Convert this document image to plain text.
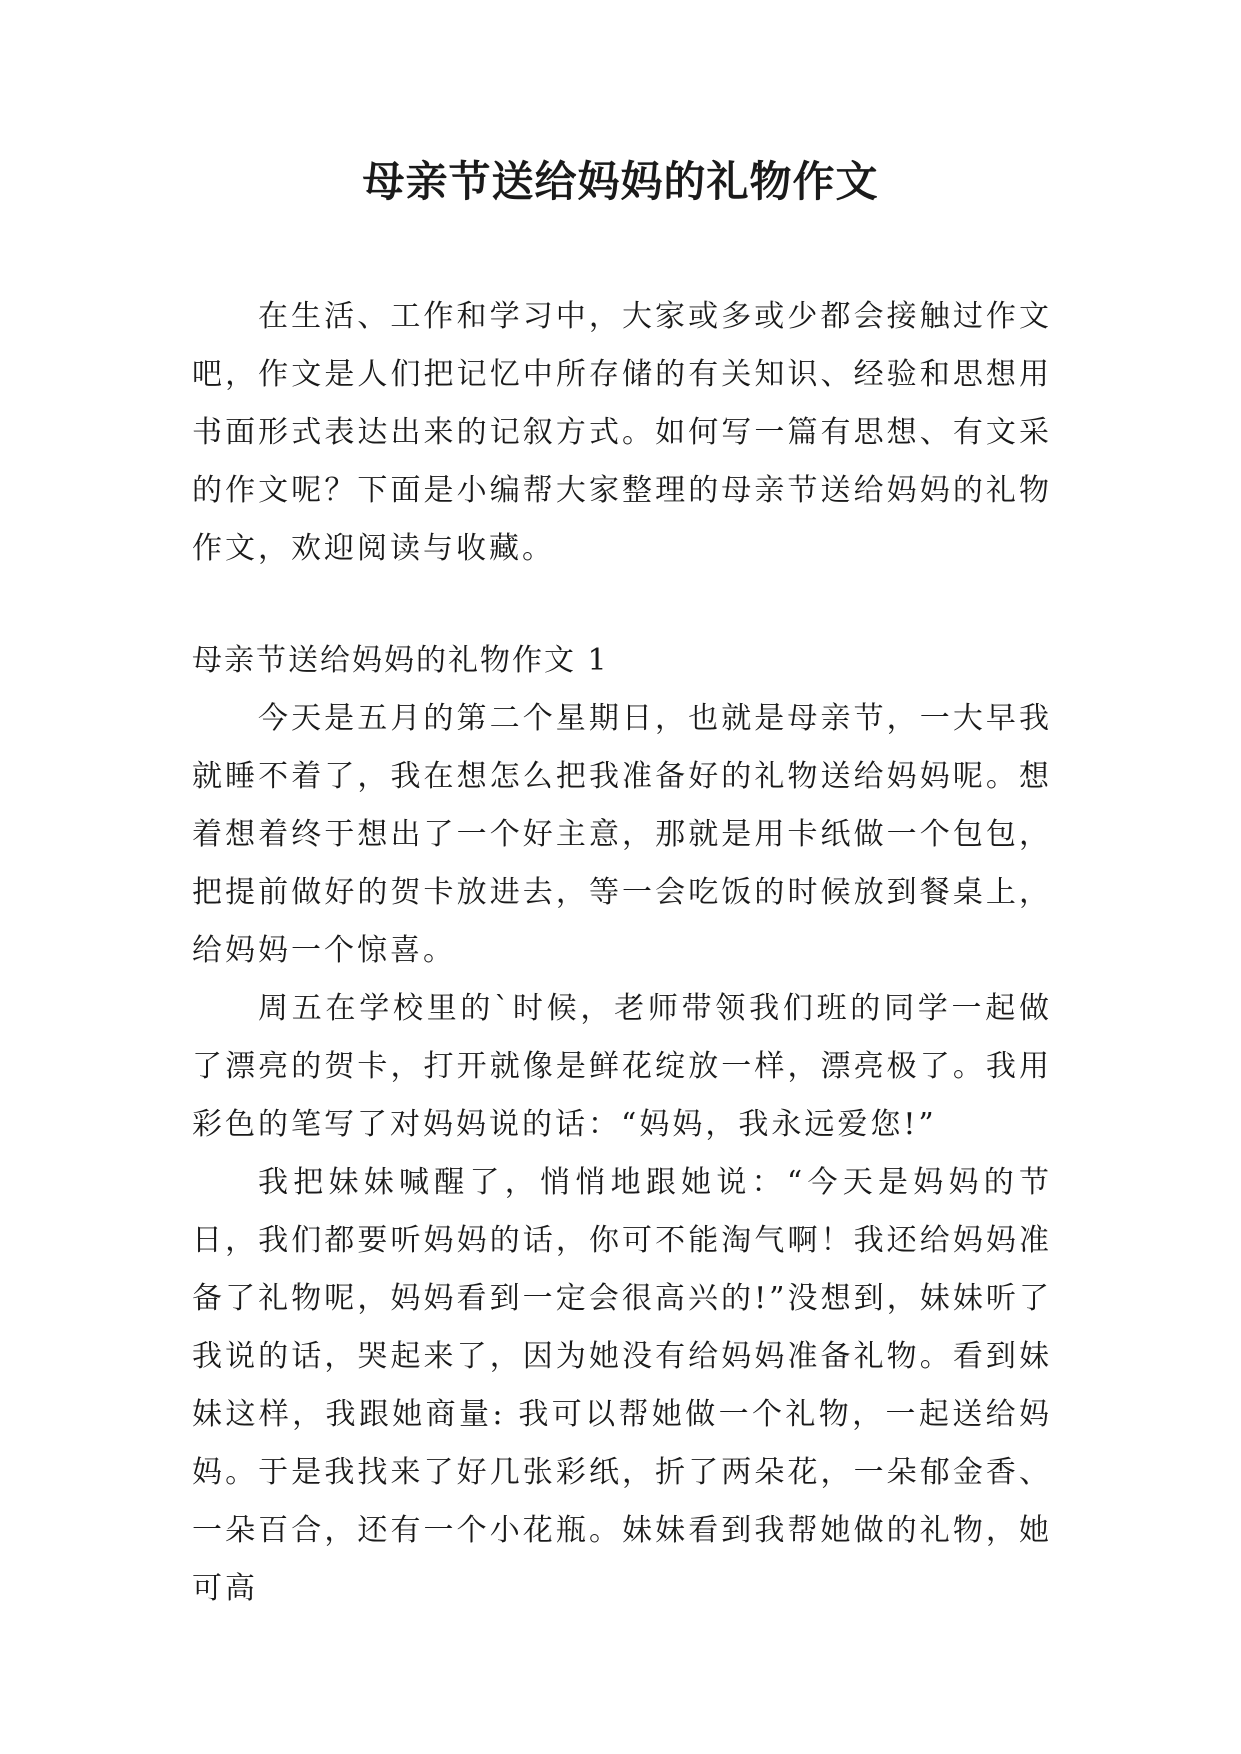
母亲节送给妈妈的礼物作文

在生活、工作和学习中，大家或多或少都会接触过作文吧，作文是人们把记忆中所存储的有关知识、经验和思想用书面形式表达出来的记叙方式。如何写一篇有思想、有文采的作文呢？下面是小编帮大家整理的母亲节送给妈妈的礼物作文，欢迎阅读与收藏。

母亲节送给妈妈的礼物作文 1

今天是五月的第二个星期日，也就是母亲节，一大早我就睡不着了，我在想怎么把我准备好的礼物送给妈妈呢。想着想着终于想出了一个好主意，那就是用卡纸做一个包包，把提前做好的贺卡放进去，等一会吃饭的时候放到餐桌上，给妈妈一个惊喜。

周五在学校里的`时候，老师带领我们班的同学一起做了漂亮的贺卡，打开就像是鲜花绽放一样，漂亮极了。我用彩色的笔写了对妈妈说的话：“妈妈，我永远爱您!”

我把妹妹喊醒了，悄悄地跟她说：“今天是妈妈的节日，我们都要听妈妈的话，你可不能淘气啊！我还给妈妈准备了礼物呢，妈妈看到一定会很高兴的!”没想到，妹妹听了我说的话，哭起来了，因为她没有给妈妈准备礼物。看到妹妹这样，我跟她商量: 我可以帮她做一个礼物，一起送给妈妈。于是我找来了好几张彩纸，折了两朵花，一朵郁金香、一朵百合，还有一个小花瓶。妹妹看到我帮她做的礼物，她可高
